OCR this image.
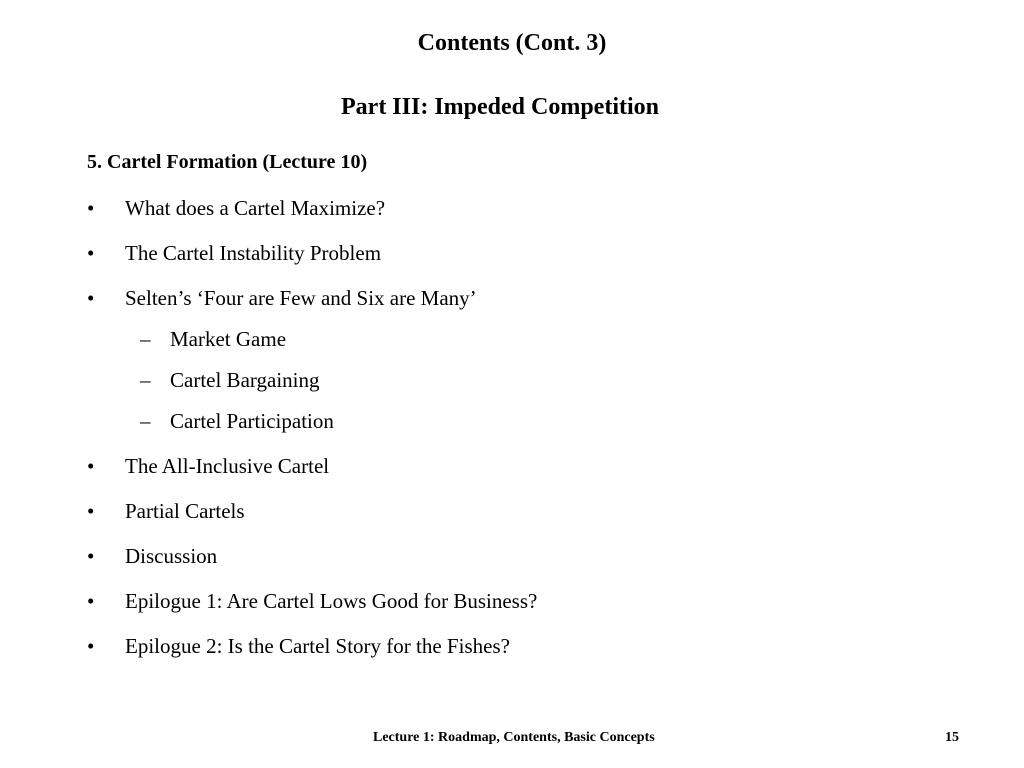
Contents (Cont. 3)
Part III: Impeded Competition
5. Cartel Formation (Lecture 10)
• What does a Cartel Maximize?
• The Cartel Instability Problem
• Selten’s ‘Four are Few and Six are Many’
– Market Game
– Cartel Bargaining
– Cartel Participation
• The All-Inclusive Cartel
• Partial Cartels
• Discussion
• Epilogue 1: Are Cartel Lows Good for Business?
• Epilogue 2: Is the Cartel Story for the Fishes?
Lecture 1: Roadmap, Contents, Basic Concepts	15
